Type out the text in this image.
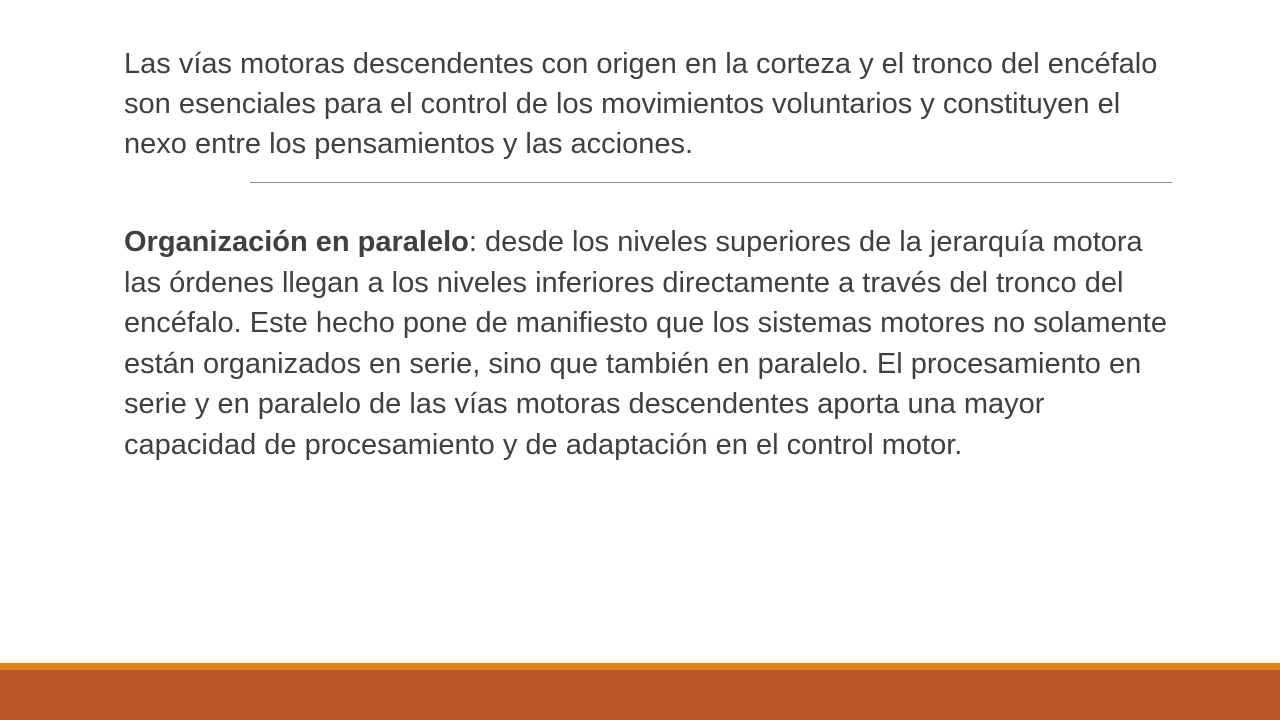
Las vías motoras descendentes con origen en la corteza y el tronco del encéfalo son esenciales para el control de los movimientos voluntarios y constituyen el nexo entre los pensamientos y las acciones.

Organización en paralelo: desde los niveles superiores de la jerarquía motora las órdenes llegan a los niveles inferiores directamente a través del tronco del encéfalo. Este hecho pone de manifiesto que los sistemas motores no solamente están organizados en serie, sino que también en paralelo. El procesamiento en serie y en paralelo de las vías motoras descendentes aporta una mayor capacidad de procesamiento y de adaptación en el control motor.
